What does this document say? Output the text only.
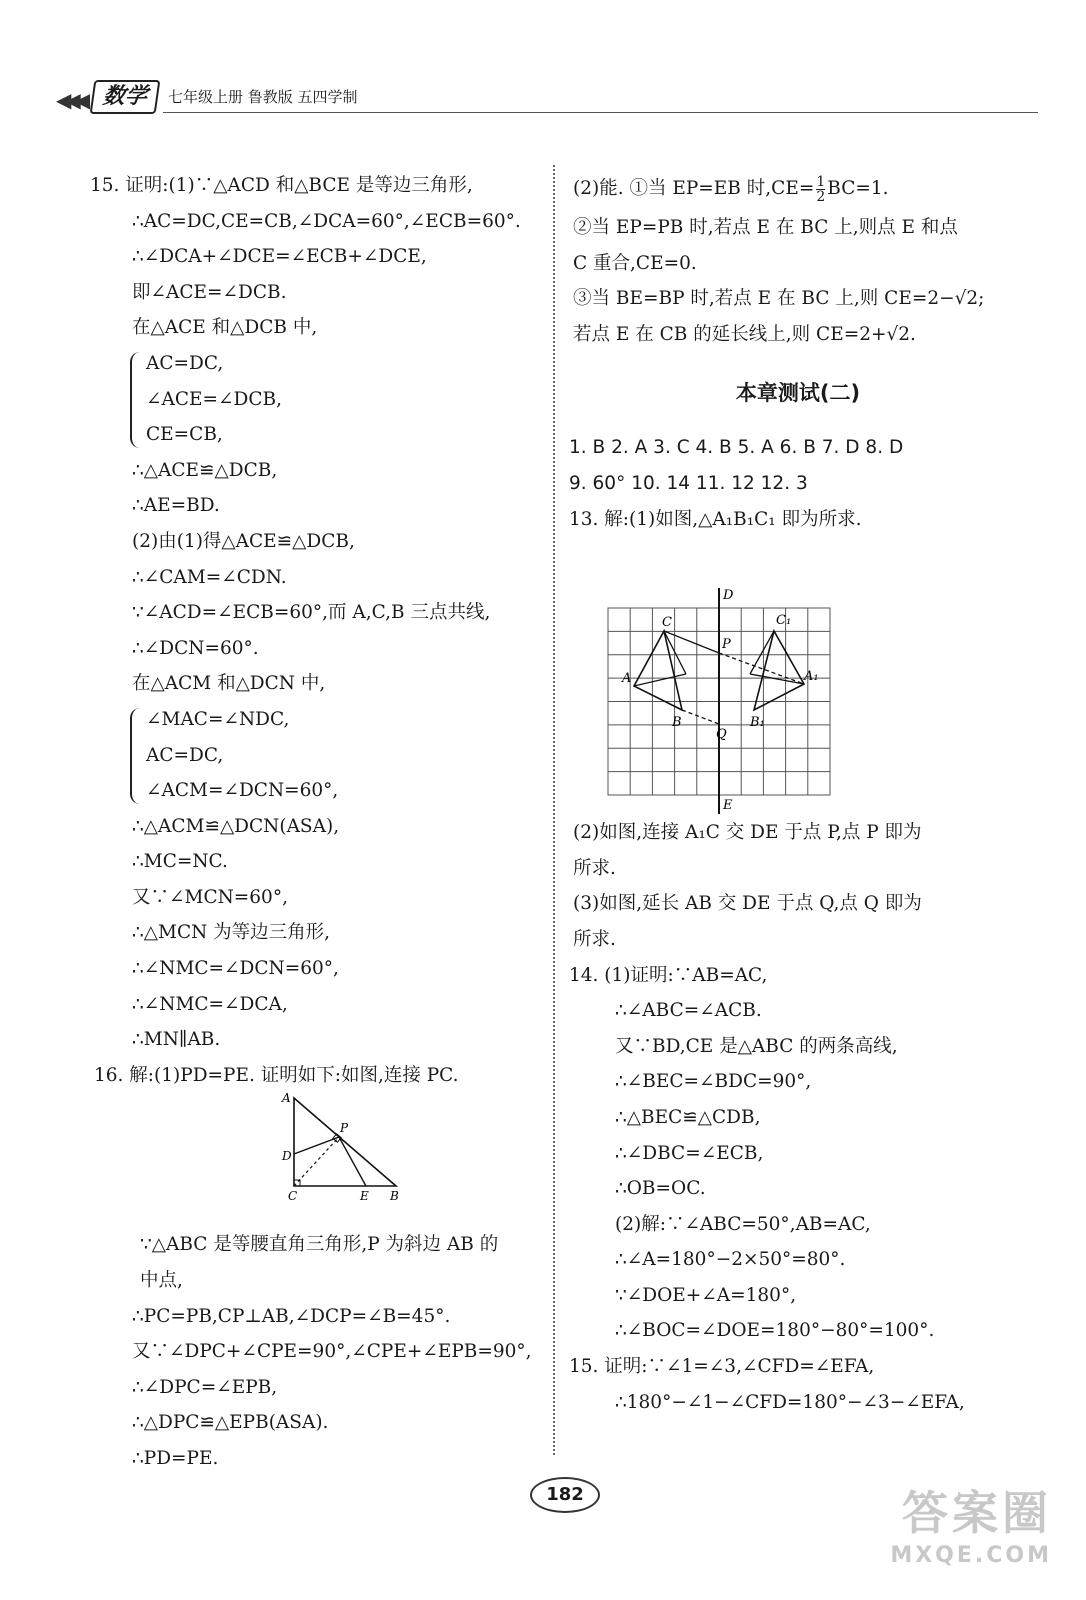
◀◀◀ 数学	七年级上册 鲁教版 五四学制
15. 证明:(1)∵△ACD 和△BCE 是等边三角形,
∴AC=DC,CE=CB,∠DCA=60°,∠ECB=60°.
∴∠DCA+∠DCE=∠ECB+∠DCE,
即∠ACE=∠DCB.
在△ACE 和△DCB 中,
AC=DC,
∠ACE=∠DCB,
CE=CB,
∴△ACE≌△DCB,
∴AE=BD.
(2)由(1)得△ACE≌△DCB,
∴∠CAM=∠CDN.
∵∠ACD=∠ECB=60°,而 A,C,B 三点共线,
∴∠DCN=60°.
在△ACM 和△DCN 中,
∠MAC=∠NDC,
AC=DC,
∠ACM=∠DCN=60°,
∴△ACM≌△DCN(ASA),
∴MC=NC.
又∵∠MCN=60°,
∴△MCN 为等边三角形,
∴∠NMC=∠DCN=60°,
∴∠NMC=∠DCA,
∴MN∥AB.
16. 解:(1)PD=PE. 证明如下:如图,连接 PC.
∵△ABC 是等腰直角三角形,P 为斜边 AB 的
中点,
∴PC=PB,CP⊥AB,∠DCP=∠B=45°.
又∵∠DPC+∠CPE=90°,∠CPE+∠EPB=90°,
∴∠DPC=∠EPB,
∴△DPC≌△EPB(ASA).
∴PD=PE.
(2)能. ①当 EP=EB 时$,CE= \frac{1}{2} BC=1$.
②当 EP=PB 时,若点 E 在 BC 上,则点 E 和点
C 重合,CE=0.
③当 BE=BP 时,若点 E 在 BC 上,则 CE=2−√2;
若点 E 在 CB 的延长线上,则 CE=2+√2.
本章测试(二)
1. B 2. A 3. C 4. B 5. A 6. B 7. D 8. D
9. 60° 10. 14 11. 12 12. 3
13. 解:(1)如图,△A₁B₁C₁ 即为所求.
(2)如图,连接 A₁C 交 DE 于点 P,点 P 即为
所求.
(3)如图,延长 AB 交 DE 于点 Q,点 Q 即为
所求.
14. (1)证明:∵AB=AC,
∴∠ABC=∠ACB.
又∵BD,CE 是△ABC 的两条高线,
∴∠BEC=∠BDC=90°,
∴△BEC≌△CDB,
∴∠DBC=∠ECB,
∴OB=OC.
(2)解:∵∠ABC=50°,AB=AC,
∴∠A=180°−2×50°=80°.
∵∠DOE+∠A=180°,
∴∠BOC=∠DOE=180°−80°=100°.
15. 证明:∵∠1=∠3,∠CFD=∠EFA,
∴180°−∠1−∠CFD=180°−∠3−∠EFA,
D
E
C	C₁
P
A	A₁
B	B₁
Q
A
P
D
C	E B
182	答案圈
MXQE.COM
